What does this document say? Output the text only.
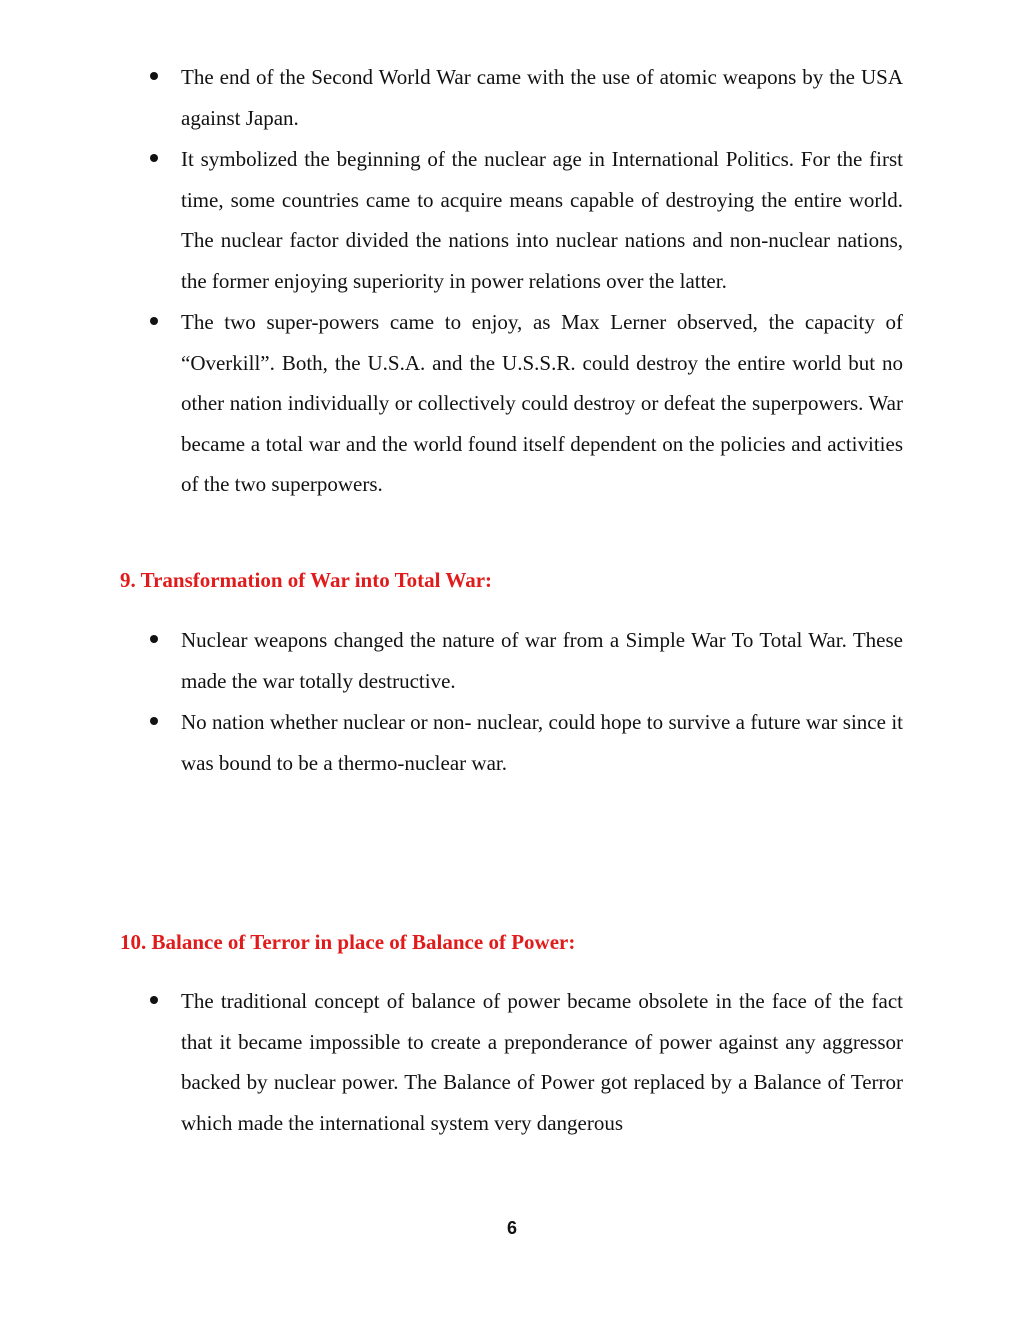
The end of the Second World War came with the use of atomic weapons by the USA against Japan.
It symbolized the beginning of the nuclear age in International Politics. For the first time, some countries came to acquire means capable of destroying the entire world. The nuclear factor divided the nations into nuclear nations and non-nuclear nations, the former enjoying superiority in power relations over the latter.
The two super-powers came to enjoy, as Max Lerner observed, the capacity of “Overkill”. Both, the U.S.A. and the U.S.S.R. could destroy the entire world but no other nation individually or collectively could destroy or defeat the superpowers. War became a total war and the world found itself dependent on the policies and activities of the two superpowers.
9. Transformation of War into Total War:
Nuclear weapons changed the nature of war from a Simple War To Total War. These made the war totally destructive.
No nation whether nuclear or non- nuclear, could hope to survive a future war since it was bound to be a thermo-nuclear war.
10. Balance of Terror in place of Balance of Power:
The traditional concept of balance of power became obsolete in the face of the fact that it became impossible to create a preponderance of power against any aggressor backed by nuclear power. The Balance of Power got replaced by a Balance of Terror which made the international system very dangerous
6
